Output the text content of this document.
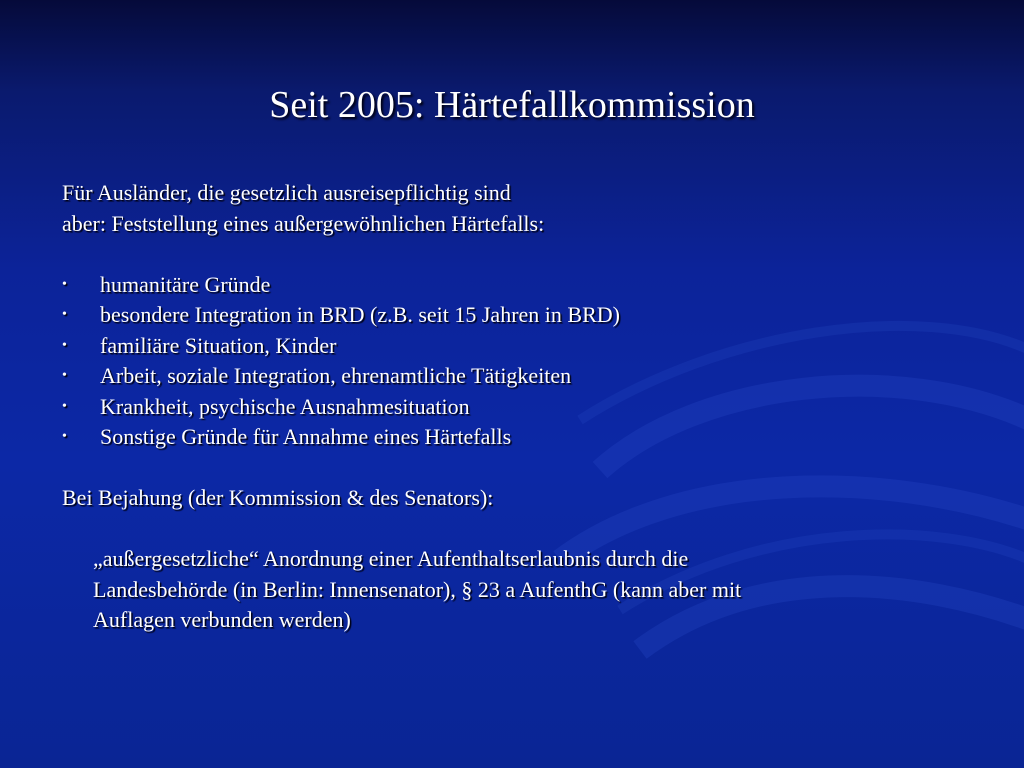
Seit 2005: Härtefallkommission
Für Ausländer, die gesetzlich ausreisepflichtig sind
aber: Feststellung eines außergewöhnlichen Härtefalls:
• humanitäre Gründe
• besondere Integration in BRD (z.B. seit 15 Jahren in BRD)
• familiäre Situation, Kinder
• Arbeit, soziale Integration, ehrenamtliche Tätigkeiten
• Krankheit, psychische Ausnahmesituation
• Sonstige Gründe für Annahme eines Härtefalls
Bei Bejahung (der Kommission & des Senators):
„außergesetzliche“ Anordnung einer Aufenthaltserlaubnis durch die
Landesbehörde (in Berlin: Innensenator), § 23 a AufenthG (kann aber mit
Auflagen verbunden werden)
